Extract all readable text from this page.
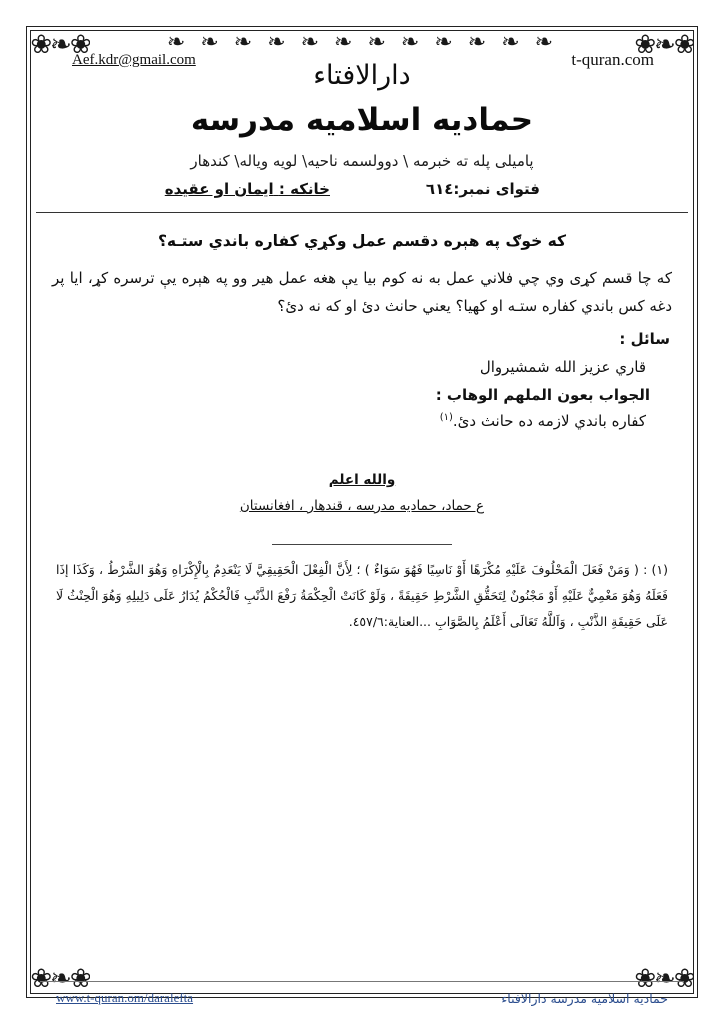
❀❧❀	❀❧❀
❀❧❀	❀❧❀
❧ ❧ ❧ ❧ ❧ ❧ ❧ ❧ ❧ ❧ ❧ ❧
Aef.kdr@gmail.com	t-quran.com
دارالافتاء
حمادیه اسلامیه مدرسه
پامیلی پله ته خبرمه \ دوولسمه ناحیه\ لویه وياله\ کندهار
فتوای نمبر:٦١٤
خانکه : ایمان او عقیده
که خوګ په هېره دقسم عمل وکړي کفاره باندي ستـه؟
که چا قسم کړی وي چي فلاني عمل به نه کوم بیا یې هغه عمل هیر وو په هېره یې ترسره کړ، ایا پر دغه کس باندي کفاره ستـه او کهیا؟ یعني حانث دئ او که نه دئ؟
سائل :
قاري عزیز الله شمشیروال
الجواب بعون الملهم الوهاب :
کفاره باندي لازمه ده حانث دئ.$^{(١)}$
والله اعلم
ع حماد، حمادیه مدرسه ، قندهار ، افغانستان
(١) : ( وَمَنْ فَعَلَ الْمَحْلُوفَ عَلَيْهِ مُكْرَهًا أَوْ نَاسِيًا فَهُوَ سَوَاءٌ ) ؛ لِأَنَّ الْفِعْلَ الْحَقِيقِيَّ لَا يَنْعَدِمُ بِالْإِكْرَاهِ وَهُوَ الشَّرْطُ ، وَكَذَا إذَا فَعَلَهُ وَهُوَ مَغْمِيٌّ عَلَيْهِ أَوْ مَجْنُونٌ لِتَحَقُّقِ الشَّرْطِ حَقِيقَةً ، وَلَوْ كَانَتْ الْحِكْمَةُ رَفْعَ الذَّنْبِ فَالْحُكْمُ يُدَارُ عَلَى دَلِيلِهِ وَهُوَ الْحِنْثُ لَا عَلَى حَقِيقَةِ الذَّنْبِ ، وَاَللَّهُ تَعَالَى أَعْلَمُ بِالصَّوَابِ ...العناية:٤٥٧/٦.
www.t-quran.om/daralefta	حمادیه اسلامیه مدرسه دارالافتاء
